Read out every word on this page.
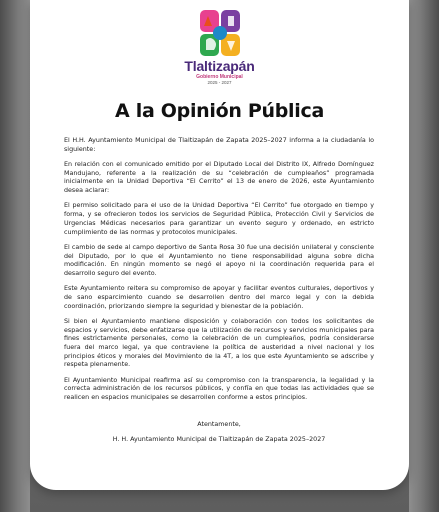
Tlaltizapán
Gobierno Municipal
2025 - 2027
A la Opinión Pública

El H.H. Ayuntamiento Municipal de Tlaltizapán de Zapata 2025–2027 informa a la ciudadanía lo siguiente:

En relación con el comunicado emitido por el Diputado Local del Distrito IX, Alfredo Domínguez Mandujano, referente a la realización de su “celebración de cumpleaños” programada inicialmente en la Unidad Deportiva “El Cerrito” el 13 de enero de 2026, este Ayuntamiento desea aclarar:

El permiso solicitado para el uso de la Unidad Deportiva “El Cerrito” fue otorgado en tiempo y forma, y se ofrecieron todos los servicios de Seguridad Pública, Protección Civil y Servicios de Urgencias Médicas necesarios para garantizar un evento seguro y ordenado, en estricto cumplimiento de las normas y protocolos municipales.

El cambio de sede al campo deportivo de Santa Rosa 30 fue una decisión unilateral y consciente del Diputado, por lo que el Ayuntamiento no tiene responsabilidad alguna sobre dicha modificación. En ningún momento se negó el apoyo ni la coordinación requerida para el desarrollo seguro del evento.

Este Ayuntamiento reitera su compromiso de apoyar y facilitar eventos culturales, deportivos y de sano esparcimiento cuando se desarrollen dentro del marco legal y con la debida coordinación, priorizando siempre la seguridad y bienestar de la población.

Si bien el Ayuntamiento mantiene disposición y colaboración con todos los solicitantes de espacios y servicios, debe enfatizarse que la utilización de recursos y servicios municipales para fines estrictamente personales, como la celebración de un cumpleaños, podría considerarse fuera del marco legal, ya que contraviene la política de austeridad a nivel nacional y los principios éticos y morales del Movimiento de la 4T, a los que este Ayuntamiento se adscribe y respeta plenamente.

El Ayuntamiento Municipal reafirma así su compromiso con la transparencia, la legalidad y la correcta administración de los recursos públicos, y confía en que todas las actividades que se realicen en espacios municipales se desarrollen conforme a estos principios.

Atentamente,
H. H. Ayuntamiento Municipal de Tlaltizapán de Zapata 2025–2027
